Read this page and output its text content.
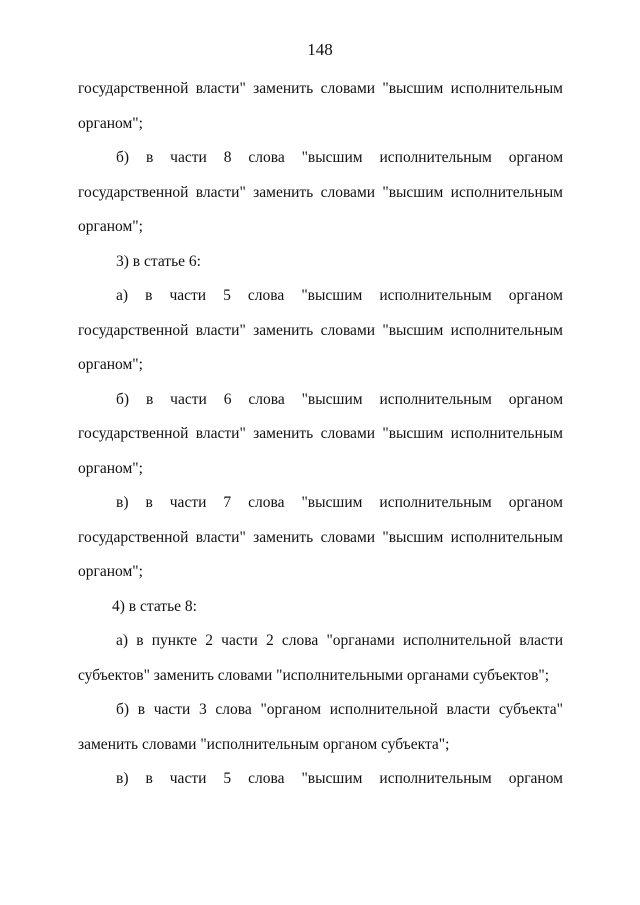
148
государственной власти" заменить словами "высшим исполнительным
органом";
б) в части 8 слова "высшим исполнительным органом
государственной власти" заменить словами "высшим исполнительным
органом";
3) в статье 6:
а) в части 5 слова "высшим исполнительным органом
государственной власти" заменить словами "высшим исполнительным
органом";
б) в части 6 слова "высшим исполнительным органом
государственной власти" заменить словами "высшим исполнительным
органом";
в) в части 7 слова "высшим исполнительным органом
государственной власти" заменить словами "высшим исполнительным
органом";
4) в статье 8:
а) в пункте 2 части 2 слова "органами исполнительной власти
субъектов" заменить словами "исполнительными органами субъектов";
б) в части 3 слова "органом исполнительной власти субъекта"
заменить словами "исполнительным органом субъекта";
в) в части 5 слова "высшим исполнительным органом
